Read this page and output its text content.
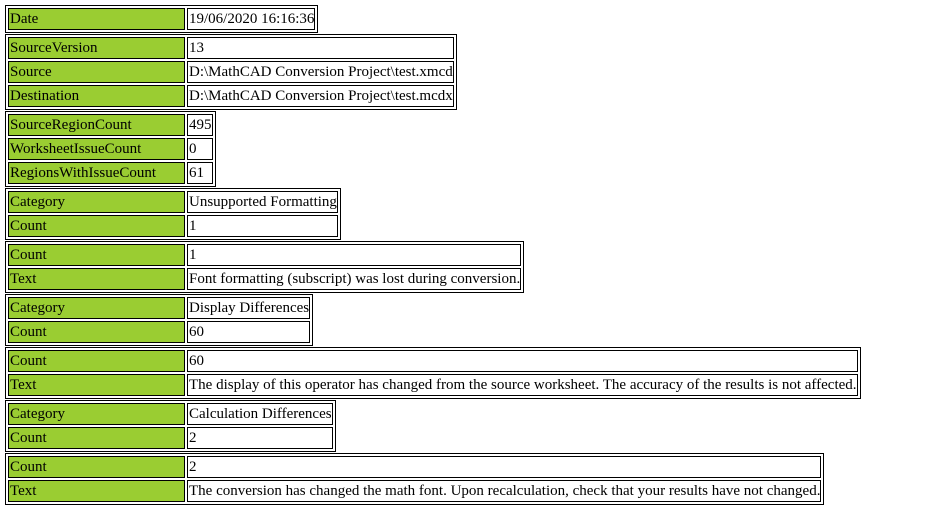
Date	19/06/2020 16:16:36
SourceVersion	13
Source	D:\MathCAD Conversion Project\test.xmcd
Destination	D:\MathCAD Conversion Project\test.mcdx
SourceRegionCount	495
WorksheetIssueCount	0
RegionsWithIssueCount	61
Category	Unsupported Formatting
Count	1
Count	1
Text	Font formatting (subscript) was lost during conversion.
Category	Display Differences
Count	60
Count	60
Text	The display of this operator has changed from the source worksheet. The accuracy of the results is not affected.
Category	Calculation Differences
Count	2
Count	2
Text	The conversion has changed the math font. Upon recalculation, check that your results have not changed.
